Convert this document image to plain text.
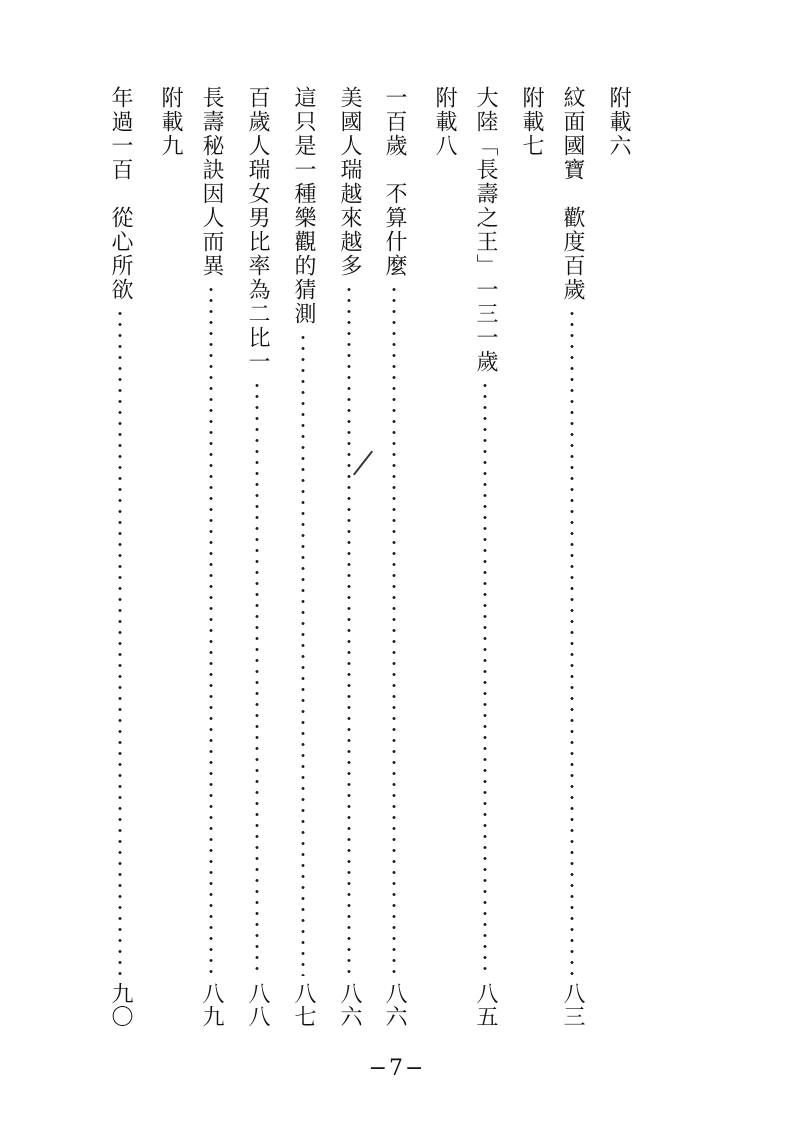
附載六
紋面國寶　歡度百歲
八三
附載七
大陸「長壽之王」一三一歲
八五
附載八
一百歲　不算什麼
八六
美國人瑞越來越多
八六
這只是一種樂觀的猜測
八七
百歲人瑞女男比率為二比一
八八
長壽秘訣因人而異
八九
附載九
年過一百　從心所欲
九〇
−7−
